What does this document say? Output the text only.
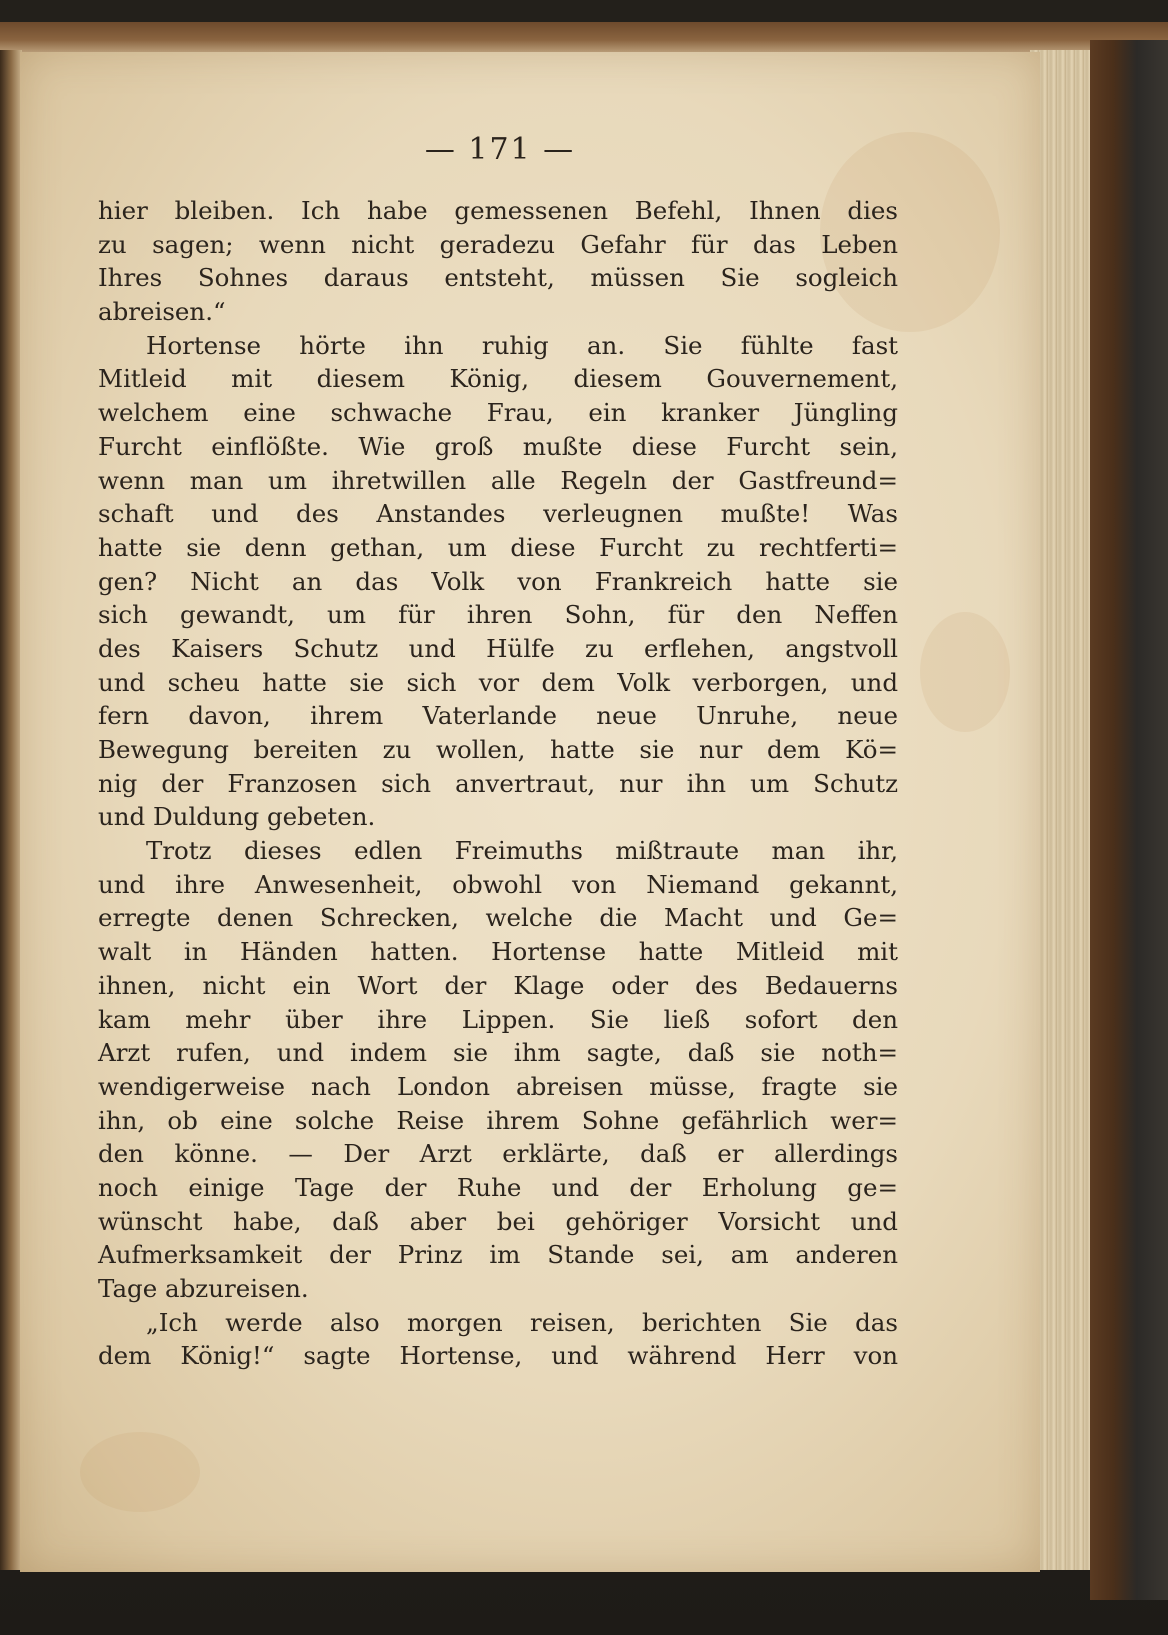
— 171 —
hier bleiben. Ich habe gemessenen Befehl, Ihnen dies
zu sagen; wenn nicht geradezu Gefahr für das Leben
Ihres Sohnes daraus entsteht, müssen Sie sogleich
abreisen.“
Hortense hörte ihn ruhig an. Sie fühlte fast
Mitleid mit diesem König, diesem Gouvernement,
welchem eine schwache Frau, ein kranker Jüngling
Furcht einflößte. Wie groß mußte diese Furcht sein,
wenn man um ihretwillen alle Regeln der Gastfreund=
schaft und des Anstandes verleugnen mußte! Was
hatte sie denn gethan, um diese Furcht zu rechtferti=
gen? Nicht an das Volk von Frankreich hatte sie
sich gewandt, um für ihren Sohn, für den Neffen
des Kaisers Schutz und Hülfe zu erflehen, angstvoll
und scheu hatte sie sich vor dem Volk verborgen, und
fern davon, ihrem Vaterlande neue Unruhe, neue
Bewegung bereiten zu wollen, hatte sie nur dem Kö=
nig der Franzosen sich anvertraut, nur ihn um Schutz
und Duldung gebeten.
Trotz dieses edlen Freimuths mißtraute man ihr,
und ihre Anwesenheit, obwohl von Niemand gekannt,
erregte denen Schrecken, welche die Macht und Ge=
walt in Händen hatten. Hortense hatte Mitleid mit
ihnen, nicht ein Wort der Klage oder des Bedauerns
kam mehr über ihre Lippen. Sie ließ sofort den
Arzt rufen, und indem sie ihm sagte, daß sie noth=
wendigerweise nach London abreisen müsse, fragte sie
ihn, ob eine solche Reise ihrem Sohne gefährlich wer=
den könne. — Der Arzt erklärte, daß er allerdings
noch einige Tage der Ruhe und der Erholung ge=
wünscht habe, daß aber bei gehöriger Vorsicht und
Aufmerksamkeit der Prinz im Stande sei, am anderen
Tage abzureisen.
„Ich werde also morgen reisen, berichten Sie das
dem König!“ sagte Hortense, und während Herr von
